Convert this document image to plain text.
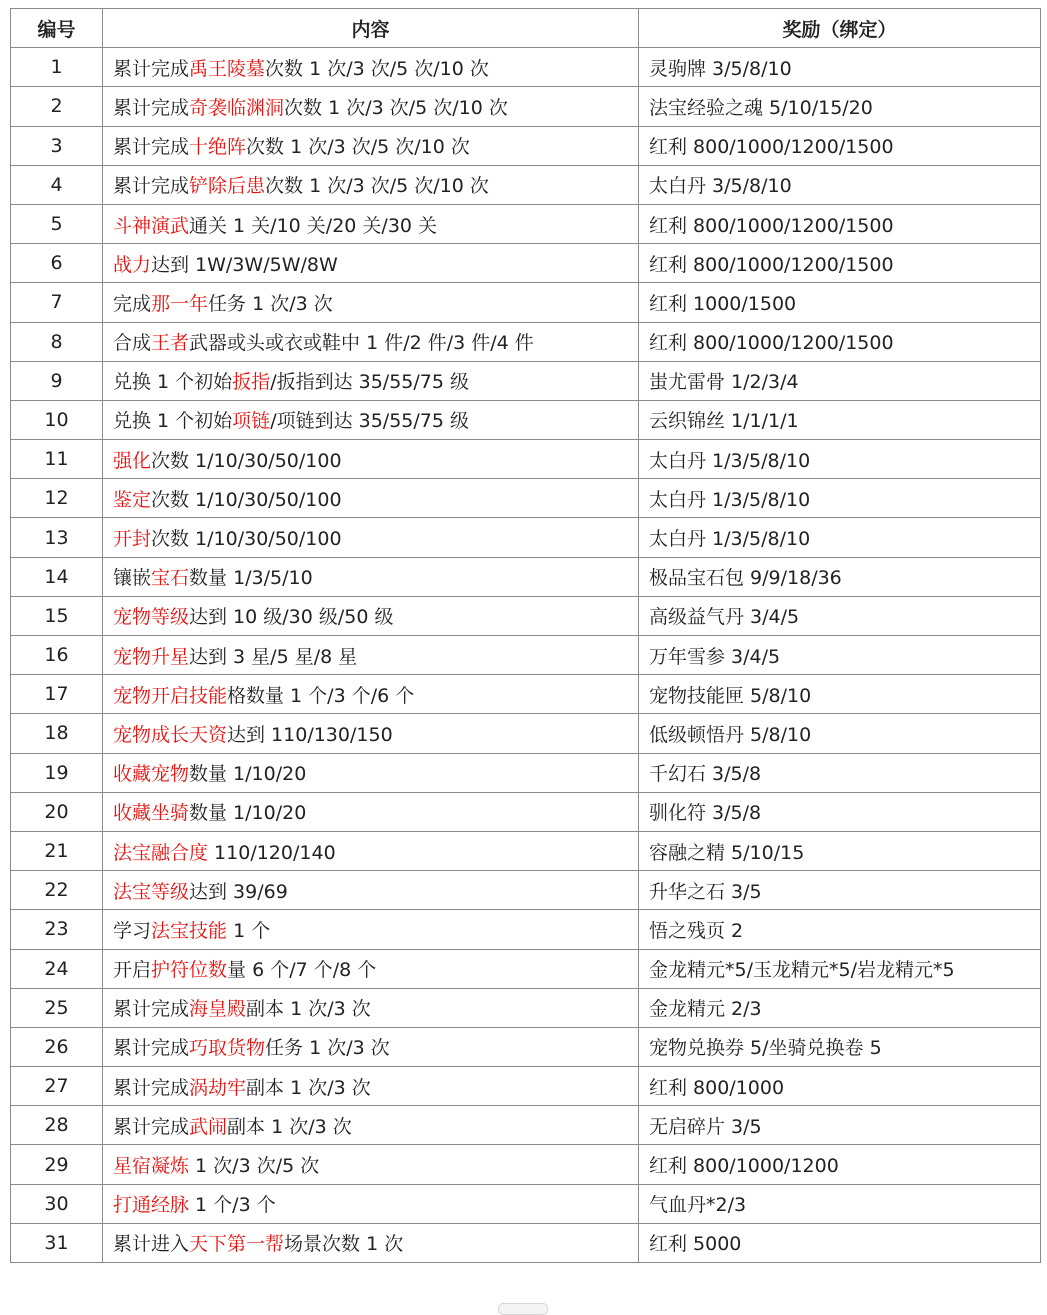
编号	内容	奖励（绑定）
1	累计完成禹王陵墓次数 1 次/3 次/5 次/10 次	灵驹牌 3/5/8/10
2	累计完成奇袭临渊洞次数 1 次/3 次/5 次/10 次	法宝经验之魂 5/10/15/20
3	累计完成十绝阵次数 1 次/3 次/5 次/10 次	红利 800/1000/1200/1500
4	累计完成铲除后患次数 1 次/3 次/5 次/10 次	太白丹 3/5/8/10
5	斗神演武通关 1 关/10 关/20 关/30 关	红利 800/1000/1200/1500
6	战力达到 1W/3W/5W/8W	红利 800/1000/1200/1500
7	完成那一年任务 1 次/3 次	红利 1000/1500
8	合成王者武器或头或衣或鞋中 1 件/2 件/3 件/4 件	红利 800/1000/1200/1500
9	兑换 1 个初始扳指/扳指到达 35/55/75 级	蚩尤雷骨 1/2/3/4
10	兑换 1 个初始项链/项链到达 35/55/75 级	云织锦丝 1/1/1/1
11	强化次数 1/10/30/50/100	太白丹 1/3/5/8/10
12	鉴定次数 1/10/30/50/100	太白丹 1/3/5/8/10
13	开封次数 1/10/30/50/100	太白丹 1/3/5/8/10
14	镶嵌宝石数量 1/3/5/10	极品宝石包 9/9/18/36
15	宠物等级达到 10 级/30 级/50 级	高级益气丹 3/4/5
16	宠物升星达到 3 星/5 星/8 星	万年雪参 3/4/5
17	宠物开启技能格数量 1 个/3 个/6 个	宠物技能匣 5/8/10
18	宠物成长天资达到 110/130/150	低级顿悟丹 5/8/10
19	收藏宠物数量 1/10/20	千幻石 3/5/8
20	收藏坐骑数量 1/10/20	驯化符 3/5/8
21	法宝融合度 110/120/140	容融之精 5/10/15
22	法宝等级达到 39/69	升华之石 3/5
23	学习法宝技能 1 个	悟之残页 2
24	开启护符位数量 6 个/7 个/8 个	金龙精元*5/玉龙精元*5/岩龙精元*5
25	累计完成海皇殿副本 1 次/3 次	金龙精元 2/3
26	累计完成巧取货物任务 1 次/3 次	宠物兑换券 5/坐骑兑换卷 5
27	累计完成涡劫牢副本 1 次/3 次	红利 800/1000
28	累计完成武闹副本 1 次/3 次	无启碎片 3/5
29	星宿凝炼 1 次/3 次/5 次	红利 800/1000/1200
30	打通经脉 1 个/3 个	气血丹*2/3
31	累计进入天下第一帮场景次数 1 次	红利 5000
